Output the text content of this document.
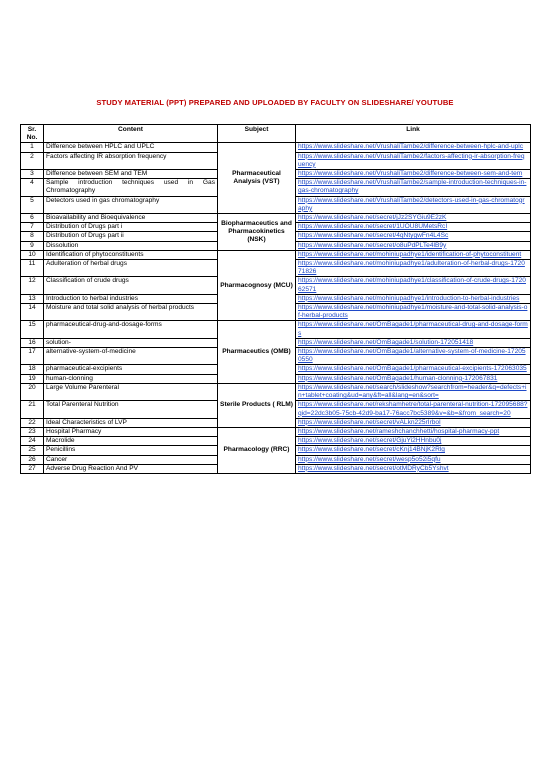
STUDY MATERIAL (PPT) PREPARED AND UPLOADED BY FACULTY ON SLIDESHARE/ YOUTUBE
Sr. No.	Content	Subject	Link
1	Difference between HPLC and UPLC	Pharmaceutical Analysis (VST)	https://www.slideshare.net/VrushaliTambe2/difference-between-hplc-and-uplc
2	Factors affecting IR absorption frequency		https://www.slideshare.net/VrushaliTambe2/factors-affecting-ir-absorption-frequency
3	Difference between SEM and TEM		https://www.slideshare.net/VrushaliTambe2/difference-between-sem-and-tem
4	Sample introduction techniques used in Gas Chromatography		https://www.slideshare.net/VrushaliTambe2/sample-introduction-techniques-in-gas-chromatography
5	Detectors used in gas chromatography		https://www.slideshare.net/VrushaliTambe2/detectors-used-in-gas-chromatography
6	Bioavailability and Bioequivalence	Biopharmaceutics and Pharmacokinetics (NSK)	https://www.slideshare.net/secret/jJz2SYGiu9E2zK
7	Distribution of Drugs part i		https://www.slideshare.net/secret/1UOU8UMetsRcI
8	Distribution of Drugs part ii		https://www.slideshare.net/secret/4qNtygwFn4L4Sc
9	Dissolution		https://www.slideshare.net/secret/o8uPdPLTe4lB9y
10	Identification of phytoconstituents	Pharmacognosy (MCU)	https://www.slideshare.net/mohiniupadhye1/identification-of-phytoconstituent
11	Adulteration of herbal drugs		https://www.slideshare.net/mohiniupadhye1/adulteration-of-herbal-drugs-172071826
12	Classification of crude drugs		https://www.slideshare.net/mohiniupadhye1/classification-of-crude-drugs-172062571
13	Introduction to herbal industries		https://www.slideshare.net/mohiniupadhye1/introduction-to-herbal-industries
14	Moisture and total solid analysis of herbal products		https://www.slideshare.net/mohiniupadhye1/moisture-and-total-solid-analysis-of-herbal-products
15	pharmaceutical-drug-and-dosage-forms	Pharmaceutics (OMB)	https://www.slideshare.net/OmBagade1/pharmaceutical-drug-and-dosage-forms
16	solution-		https://www.slideshare.net/OmBagade1/solution-172051418
17	alternative-system-of-medicine		https://www.slideshare.net/OmBagade1/alternative-system-of-medicine-172050550
18	pharmaceutical-excipients		https://www.slideshare.net/OmBagade1/pharmaceutical-excipients-172063035
19	human-clonning		https://www.slideshare.net/OmBagade1/human-clonning-172067831
20	Large Volume Parenteral	Sterile Products ( RLM)	https://www.slideshare.net/search/slideshow?searchfrom=header&q=defects+in+tablet+coating&ud=any&ft=all&lang=en&sort=
21	Total Parenteral Nutrition		https://www.slideshare.net/rekshamhetre/total-parenteral-nutrition-172095688?qid=22dc3b05-75cb-42d9-ba17-76acc7bc5389&v=&b=&from_search=20
22	Ideal Characteristics of LVP		https://www.slideshare.net/secret/vALkn225rIrbol
23	Hospital Pharmacy	Pharmacology (RRC)	https://www.slideshare.net/rameshchanchhetti/hospital-pharmacy-ppt
24	Macrolide		https://www.slideshare.net/secret/GjuYi2HHnbu0j
25	Penicillins		https://www.slideshare.net/secret/cKnj14BNjK2Rlg
26	Cancer		https://www.slideshare.net/secret/wesp5o52i5qfu
27	Adverse Drug Reaction And PV		https://www.slideshare.net/secret/otMDRyCb5Yshvt
